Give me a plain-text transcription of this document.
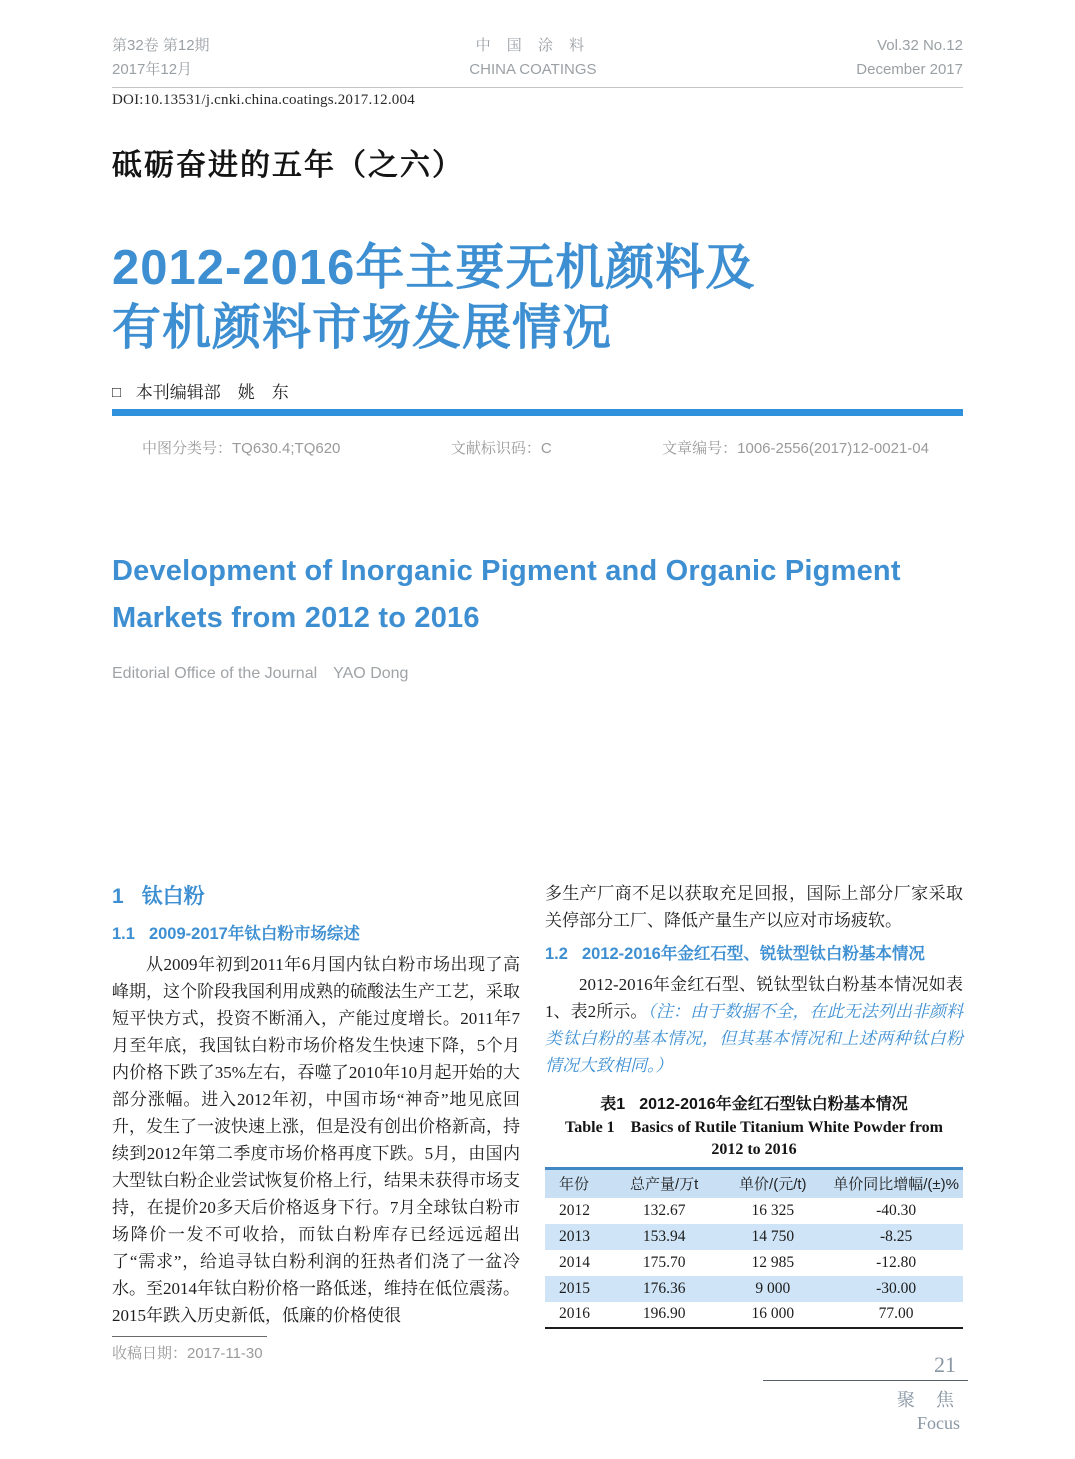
第32卷 第12期
2017年12月
中 国 涂 料
CHINA COATINGS
Vol.32 No.12
December 2017
DOI:10.13531/j.cnki.china.coatings.2017.12.004
砥砺奋进的五年（之六）
2012-2016年主要无机颜料及
有机颜料市场发展情况
□ 本刊编辑部　姚　东
中图分类号：TQ630.4;TQ620	文献标识码：C	文章编号：1006-2556(2017)12-0021-04
Development of Inorganic Pigment and Organic Pigment Markets from 2012 to 2016
Editorial Office of the Journal　YAO Dong
1 钛白粉
1.1 2009-2017年钛白粉市场综述

从2009年初到2011年6月国内钛白粉市场出现了高峰期，这个阶段我国利用成熟的硫酸法生产工艺，采取短平快方式，投资不断涌入，产能过度增长。2011年7月至年底，我国钛白粉市场价格发生快速下降，5个月内价格下跌了35%左右，吞噬了2010年10月起开始的大部分涨幅。进入2012年初，中国市场“神奇”地见底回升，发生了一波快速上涨，但是没有创出价格新高，持续到2012年第二季度市场价格再度下跌。5月，由国内大型钛白粉企业尝试恢复价格上行，结果未获得市场支持，在提价20多天后价格返身下行。7月全球钛白粉市场降价一发不可收拾，而钛白粉库存已经远远超出了“需求”，给追寻钛白粉利润的狂热者们浇了一盆冷水。至2014年钛白粉价格一路低迷，维持在低位震荡。2015年跌入历史新低，低廉的价格使很

收稿日期：2017-11-30

多生产厂商不足以获取充足回报，国际上部分厂家采取关停部分工厂、降低产量生产以应对市场疲软。

1.2 2012-2016年金红石型、锐钛型钛白粉基本情况

2012-2016年金红石型、锐钛型钛白粉基本情况如表1、表2所示。（注：由于数据不全，在此无法列出非颜料类钛白粉的基本情况，但其基本情况和上述两种钛白粉情况大致相同。）

表1 2012-2016年金红石型钛白粉基本情况
Table 1　Basics of Rutile Titanium White Powder from 2012 to 2016
年份	总产量/万t	单价/(元/t)	单价同比增幅/(±)%
2012	132.67	16 325	-40.30
2013	153.94	14 750	-8.25
2014	175.70	12 985	-12.80
2015	176.36	9 000	-30.00
2016	196.90	16 000	77.00
21
聚 焦
Focus
